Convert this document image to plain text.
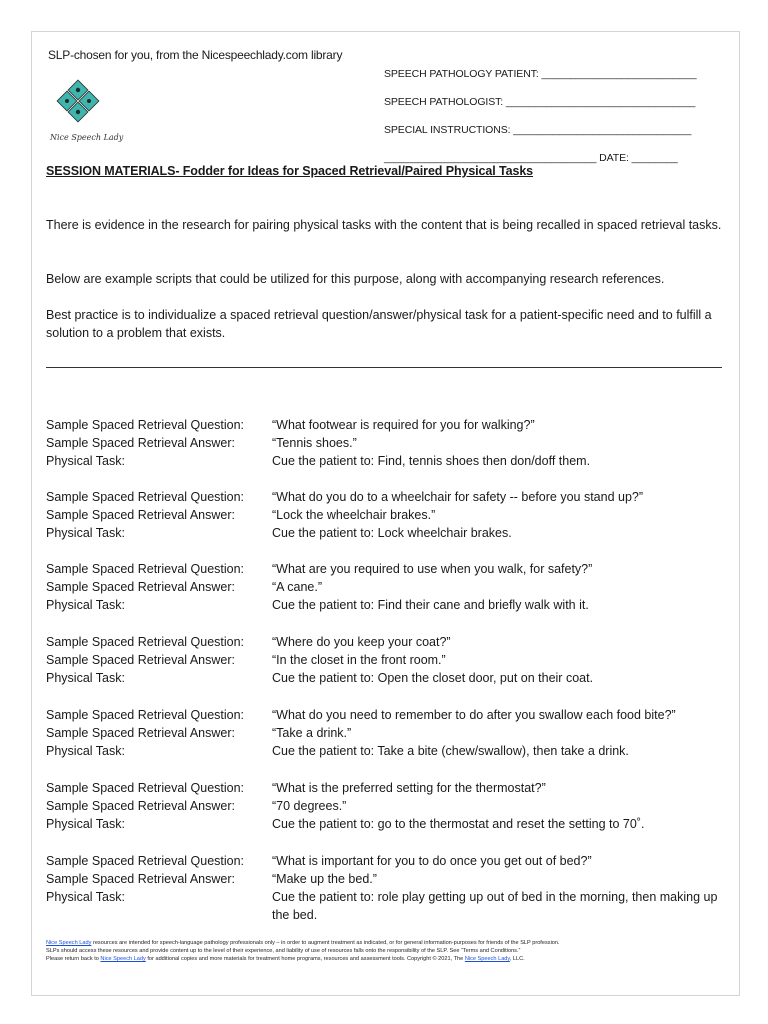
SLP-chosen for you, from the Nicespeechlady.com library
Nice Speech Lady
SPEECH PATHOLOGY PATIENT: ___________________________
SPEECH PATHOLOGIST: _________________________________
SPECIAL INSTRUCTIONS: _______________________________
_____________________________________ DATE: ________
SESSION MATERIALS- Fodder for Ideas for Spaced Retrieval/Paired Physical Tasks
There is evidence in the research for pairing physical tasks with the content that is being recalled in spaced retrieval tasks.
Below are example scripts that could be utilized for this purpose, along with accompanying research references.
Best practice is to individualize a spaced retrieval question/answer/physical task for a patient-specific need and to fulfill a solution to a problem that exists.
Sample Spaced Retrieval Question:	“What footwear is required for you for walking?”
Sample Spaced Retrieval Answer:	“Tennis shoes.”
Physical Task:	Cue the patient to: Find, tennis shoes then don/doff them.
Sample Spaced Retrieval Question:	“What do you do to a wheelchair for safety -- before you stand up?”
Sample Spaced Retrieval Answer:	“Lock the wheelchair brakes.”
Physical Task:	Cue the patient to: Lock wheelchair brakes.
Sample Spaced Retrieval Question:	“What are you required to use when you walk, for safety?”
Sample Spaced Retrieval Answer:	“A cane.”
Physical Task:	Cue the patient to: Find their cane and briefly walk with it.
Sample Spaced Retrieval Question:	“Where do you keep your coat?”
Sample Spaced Retrieval Answer:	“In the closet in the front room.”
Physical Task:	Cue the patient to: Open the closet door, put on their coat.
Sample Spaced Retrieval Question:	“What do you need to remember to do after you swallow each food bite?”
Sample Spaced Retrieval Answer:	“Take a drink.”
Physical Task:	Cue the patient to: Take a bite (chew/swallow), then take a drink.
Sample Spaced Retrieval Question:	“What is the preferred setting for the thermostat?”
Sample Spaced Retrieval Answer:	“70 degrees.”
Physical Task:	Cue the patient to: go to the thermostat and reset the setting to 70˚.
Sample Spaced Retrieval Question:	“What is important for you to do once you get out of bed?”
Sample Spaced Retrieval Answer:	“Make up the bed.”
Physical Task:	Cue the patient to: role play getting up out of bed in the morning, then making up the bed.
Nice Speech Lady resources are intended for speech-language pathology professionals only – in order to augment treatment as indicated, or for general information-purposes for friends of the SLP profession.
SLPs should access these resources and provide content up to the level of their experience, and liability of use of resources falls onto the responsibility of the SLP. See “Terms and Conditions.”
Please return back to Nice Speech Lady for additional copies and more materials for treatment home programs, resources and assessment tools. Copyright © 2021, The Nice Speech Lady, LLC.
